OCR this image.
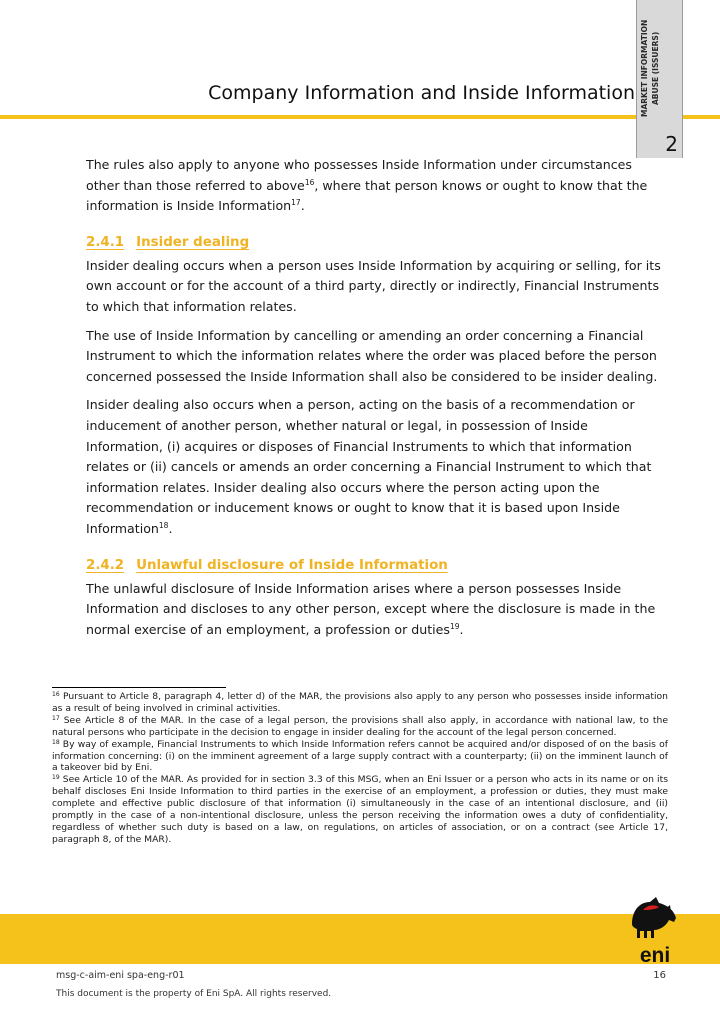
Company Information and Inside Information MARKET INFORMATION ABUSE (ISSUERS)
2

The rules also apply to anyone who possesses Inside Information under circumstances other than those referred to above$^{16}$, where that person knows or ought to know that the information is Inside Information$^{17}$.

2.4.1 Insider dealing

Insider dealing occurs when a person uses Inside Information by acquiring or selling, for its own account or for the account of a third party, directly or indirectly, Financial Instruments to which that information relates.

The use of Inside Information by cancelling or amending an order concerning a Financial Instrument to which the information relates where the order was placed before the person concerned possessed the Inside Information shall also be considered to be insider dealing.

Insider dealing also occurs when a person, acting on the basis of a recommendation or inducement of another person, whether natural or legal, in possession of Inside Information, (i) acquires or disposes of Financial Instruments to which that information relates or (ii) cancels or amends an order concerning a Financial Instrument to which that information relates. Insider dealing also occurs where the person acting upon the recommendation or inducement knows or ought to know that it is based upon Inside Information$^{18}$.

2.4.2 Unlawful disclosure of Inside Information

The unlawful disclosure of Inside Information arises where a person possesses Inside Information and discloses to any other person, except where the disclosure is made in the normal exercise of an employment, a profession or duties$^{19}$.

$^{16}$ Pursuant to Article 8, paragraph 4, letter d) of the MAR, the provisions also apply to any person who possesses inside information as a result of being involved in criminal activities.

$^{17}$ See Article 8 of the MAR. In the case of a legal person, the provisions shall also apply, in accordance with national law, to the natural persons who participate in the decision to engage in insider dealing for the account of the legal person concerned.

$^{18}$ By way of example, Financial Instruments to which Inside Information refers cannot be acquired and/or disposed of on the basis of information concerning: (i) on the imminent agreement of a large supply contract with a counterparty; (ii) on the imminent launch of a takeover bid by Eni.

$^{19}$ See Article 10 of the MAR. As provided for in section 3.3 of this MSG, when an Eni Issuer or a person who acts in its name or on its behalf discloses Eni Inside Information to third parties in the exercise of an employment, a profession or duties, they must make complete and effective public disclosure of that information (i) simultaneously in the case of an intentional disclosure, and (ii) promptly in the case of a non-intentional disclosure, unless the person receiving the information owes a duty of confidentiality, regardless of whether such duty is based on a law, on regulations, on articles of association, or on a contract (see Article 17, paragraph 8, of the MAR).

eni
msg-c-aim-eni spa-eng-r01	16
This document is the property of Eni SpA. All rights reserved.
